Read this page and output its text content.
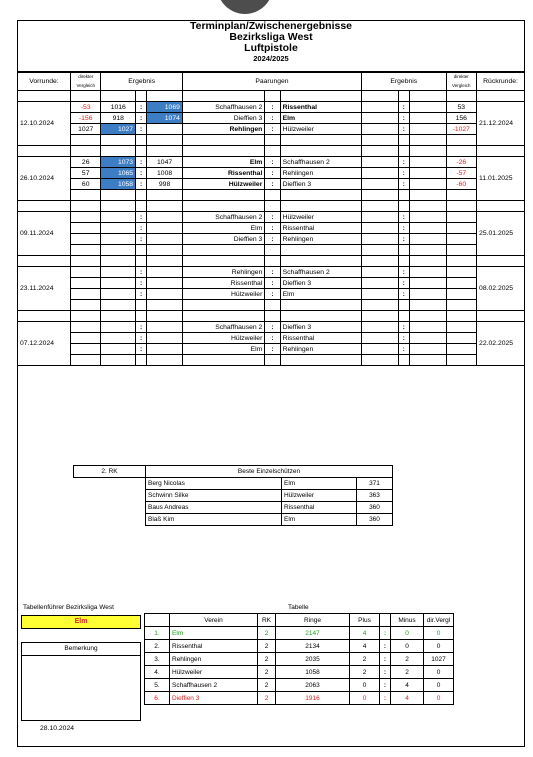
Terminplan/Zwischenergebnisse
Bezirksliga West
Luftpistole
2024/2025
Vorrunde:	direkter
Vergleich	Ergebnis			Paarungen			Ergebnis			direkter
Vergleich	Rückrunde:

12.10.2024	-53	1016	:	1069	Schaffhausen 2	:	Rissenthal		:		53	21.12.2024
	-156	918	:	1074	Dieffien 3	:	Elm		:		156	
	1027	1027	:		Rehlingen	:	Hülzweiler		:		-1027	

26.10.2024	26	1073	:	1047	Elm	:	Schaffhausen 2		:		-26	11.01.2025
	57	1065	:	1008	Rissenthal	:	Rehlingen		:		-57	
	60	1058	:	998	Hülzweiler	:	Dieffien 3		:		-60	

09.11.2024			:		Schaffhausen 2	:	Hülzweiler		:			25.01.2025
			:		Elm	:	Rissenthal		:			
			:		Dieffien 3	:	Rehlingen		:			

23.11.2024			:		Rehlingen	:	Schaffhausen 2		:			08.02.2025
			:		Rissenthal	:	Dieffien 3		:			
			:		Hülzweiler	:	Elm		:			

07.12.2024			:		Schaffhausen 2	:	Dieffien 3		:			22.02.2025
			:		Hülzweiler	:	Rissenthal		:			
			:		Elm	:	Rehlingen		:			

2. RK	Beste Einzelschützen		
	Berg Nicolas	Elm	371
	Schwinn Silke	Hülzweiler	363
	Baus Andreas	Rissenthal	360
	Blaß Kim	Elm	360
Tabellenführer Bezirksliga West
Elm
Bemerkung
Tabelle
	Verein	RK	Ringe	Plus		Minus	dir.Vergl
1.	Elm	2	2147	4	:	0	0
2.	Rissenthal	2	2134	4	:	0	0
3.	Rehlingen	2	2035	2	:	2	1027
4.	Hülzweiler	2	1058	2	:	2	0
5.	Schaffhausen 2	2	2063	0	:	4	0
6.	Dieffien 3	2	1916	0	:	4	0
28.10.2024
